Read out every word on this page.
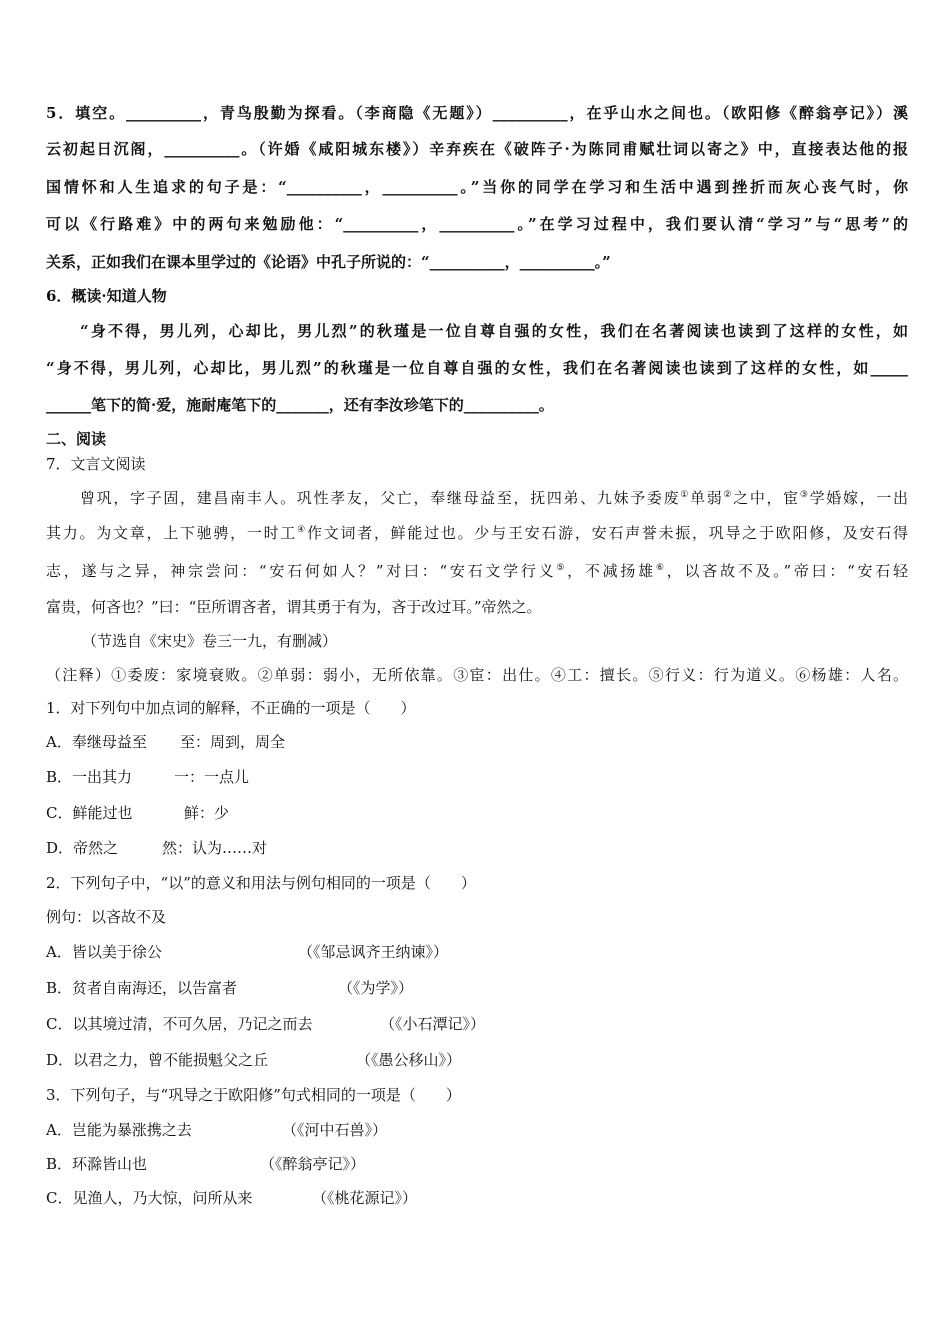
5．填空。__________，青鸟殷勤为探看。（李商隐《无题》）__________，在乎山水之间也。（欧阳修《醉翁亭记》）溪
云初起日沉阁，__________。（许婚《咸阳城东楼》）辛弃疾在《破阵子·为陈同甫赋壮词以寄之》中，直接表达他的报
国情怀和人生追求的句子是：“__________，__________。”当你的同学在学习和生活中遇到挫折而灰心丧气时，你
可以《行路难》中的两句来勉励他：“__________，__________。”在学习过程中，我们要认清“学习”与“思考”的
关系，正如我们在课本里学过的《论语》中孔子所说的：“__________，__________。”
6．概读·知道人物
“身不得，男儿列，心却比，男儿烈”的秋瑾是一位自尊自强的女性，我们在名著阅读也读到了这样的女性，如
“身不得，男儿列，心却比，男儿烈”的秋瑾是一位自尊自强的女性，我们在名著阅读也读到了这样的女性，如_____
______笔下的简·爱，施耐庵笔下的_______，还有李汝珍笔下的__________。
二、阅读
7．文言文阅读
曾巩，字子固，建昌南丰人。巩性孝友，父亡，奉继母益至，抚四弟、九妹予委废①单弱②之中，宦③学婚嫁，一出
其力。为文章，上下驰骋，一时工④作文词者，鲜能过也。少与王安石游，安石声誉未振，巩导之于欧阳修，及安石得
志，遂与之异，神宗尝问：“安石何如人？”对曰：“安石文学行义⑤，不减扬雄⑥，以吝故不及。”帝曰：“安石轻
富贵，何吝也？”曰：“臣所谓吝者，谓其勇于有为，吝于改过耳。”帝然之。
（节选自《宋史》卷三一九，有删减）
（注释）①委废：家境衰败。②单弱：弱小，无所依靠。③宦：出仕。④工：擅长。⑤行义：行为道义。⑥杨雄：人名。
1．对下列句中加点词的解释，不正确的一项是（　　）
A．奉继母益至 至：周到，周全
B．一出其力	一：一点儿
C．鲜能过也	鲜：少
D．帝然之	然：认为……对
2．下列句子中，“以”的意义和用法与例句相同的一项是（　　）
例句：以吝故不及
A．皆以美于徐公	（《邹忌讽齐王纳谏》）
B．贫者自南海还，以告富者	（《为学》）
C．以其境过清，不可久居，乃记之而去	（《小石潭记》）
D．以君之力，曾不能损魁父之丘	（《愚公移山》）
3．下列句子，与“巩导之于欧阳修”句式相同的一项是（　　）
A．岂能为暴涨携之去	（《河中石兽》）
B．环滁皆山也	（《醉翁亭记》）
C．见渔人，乃大惊，问所从来	（《桃花源记》）
